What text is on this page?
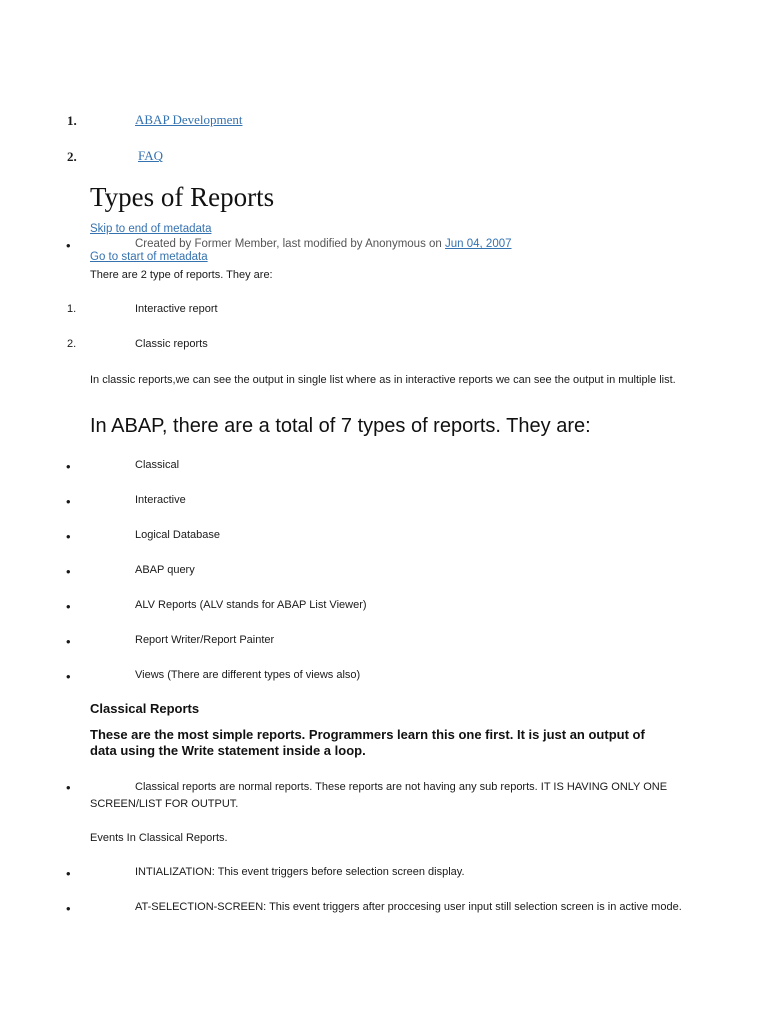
1.	ABAP Development
2.	FAQ
Types of Reports
Skip to end of metadata
•	Created by Former Member, last modified by Anonymous on Jun 04, 2007
Go to start of metadata
There are 2 type of reports. They are:
1.	Interactive report
2.	Classic reports
In classic reports,we can see the output in single list where as in interactive reports we can see the output in multiple list.
In ABAP, there are a total of 7 types of reports. They are:
•	Classical
•	Interactive
•	Logical Database
•	ABAP query
•	ALV Reports (ALV stands for ABAP List Viewer)
•	Report Writer/Report Painter
•	Views (There are different types of views also)
Classical Reports
These are the most simple reports. Programmers learn this one first. It is just an output of data using the Write statement inside a loop.
•	Classical reports are normal reports. These reports are not having any sub reports. IT IS HAVING ONLY ONE SCREEN/LIST FOR OUTPUT.
Events In Classical Reports.
•	INTIALIZATION: This event triggers before selection screen display.
•	AT-SELECTION-SCREEN: This event triggers after proccesing user input still selection screen is in active mode.
